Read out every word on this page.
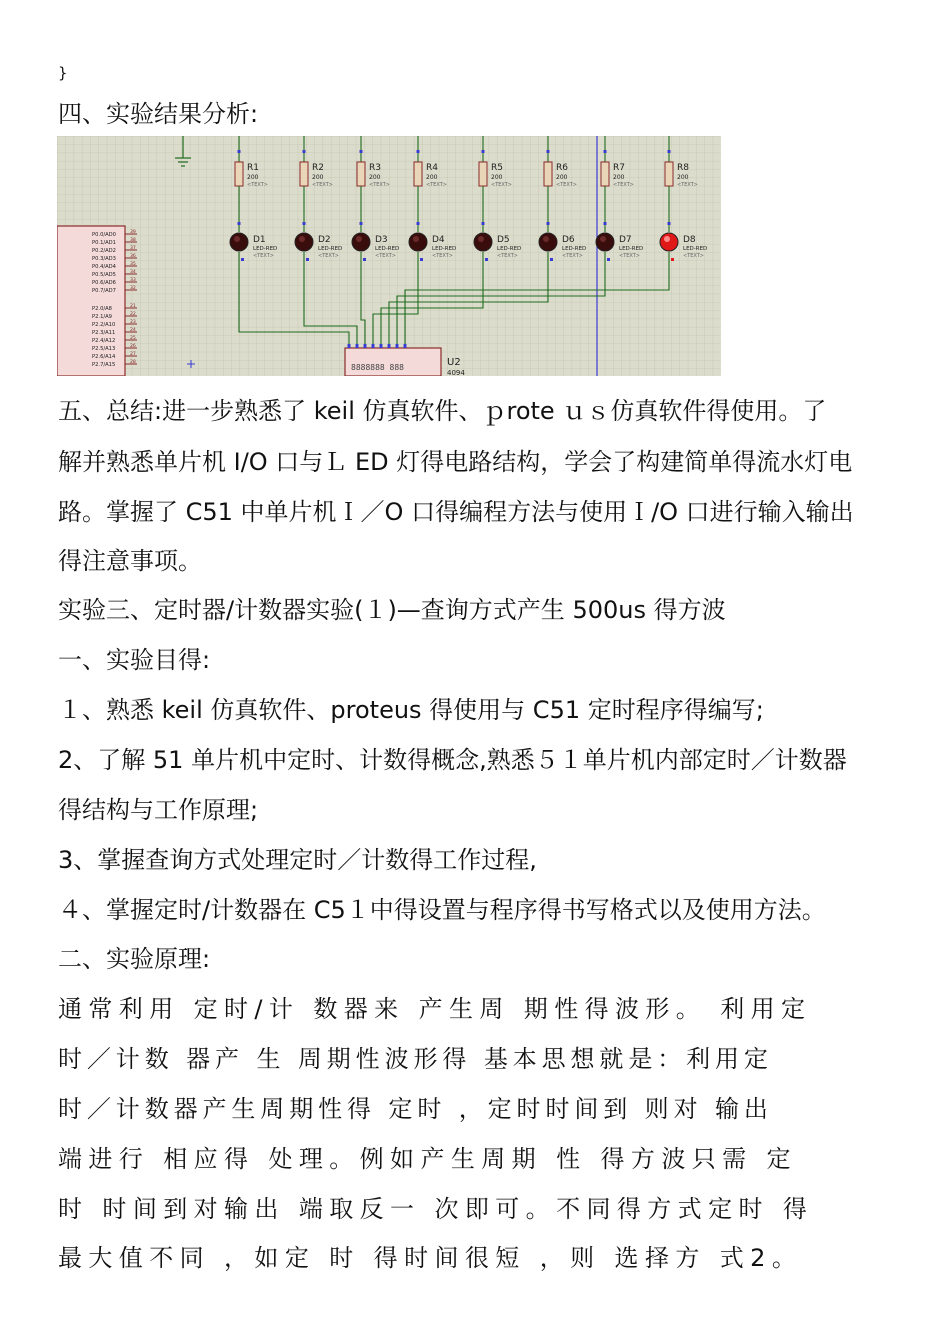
}
四、实验结果分析:
U2
4094
8888888 888
R1
200
<TEXT>
D1
LED-RED
<TEXT>
R2
200
<TEXT>
D2
LED-RED
<TEXT>
R3
200
<TEXT>
D3
LED-RED
<TEXT>
R4
200
<TEXT>
D4
LED-RED
<TEXT>
R5
200
<TEXT>
D5
LED-RED
<TEXT>
R6
200
<TEXT>
D6
LED-RED
<TEXT>
R7
200
<TEXT>
D7
LED-RED
<TEXT>
R8
200
<TEXT>
D8
LED-RED
<TEXT>
P0.0/AD0	39
P0.1/AD1	38
P0.2/AD2	37
P0.3/AD3	36
P0.4/AD4	35
P0.5/AD5	34
P0.6/AD6	33
P0.7/AD7	32
P2.0/A8	21
P2.1/A9	22
P2.2/A10	23
P2.3/A11	24
P2.4/A12	25
P2.5/A13	26
P2.6/A14	27
P2.7/A15	28
五、总结:进一步熟悉了 keil 仿真软件、ｐrote ｕｓ仿真软件得使用。了
解并熟悉单片机 I/O 口与Ｌ ED 灯得电路结构，学会了构建简单得流水灯电
路。掌握了 C51 中单片机Ｉ／O 口得编程方法与使用Ｉ/O 口进行输入输出
得注意事项。
实验三、定时器/计数器实验(１)—查询方式产生 500us 得方波
一、实验目得:
１、熟悉 keil 仿真软件、proteus 得使用与 C51 定时程序得编写;
2、了解 51 单片机中定时、计数得概念,熟悉５１单片机内部定时／计数器
得结构与工作原理;
3、掌握查询方式处理定时／计数得工作过程,
４、掌握定时/计数器在 C5１中得设置与程序得书写格式以及使用方法。
二、实验原理:
通常利用 定时/计 数器来 产生周 期性得波形。 利用定
时／计数 器产 生 周期性波形得 基本思想就是：利用定
时／计数器产生周期性得 定时 ，定时时间到 则对 输出
端进行 相应得 处理。例如产生周期 性 得方波只需 定
时 时间到对输出 端取反一 次即可。不同得方式定时 得
最大值不同 ，如定 时 得时间很短 ，则 选择方 式2。
